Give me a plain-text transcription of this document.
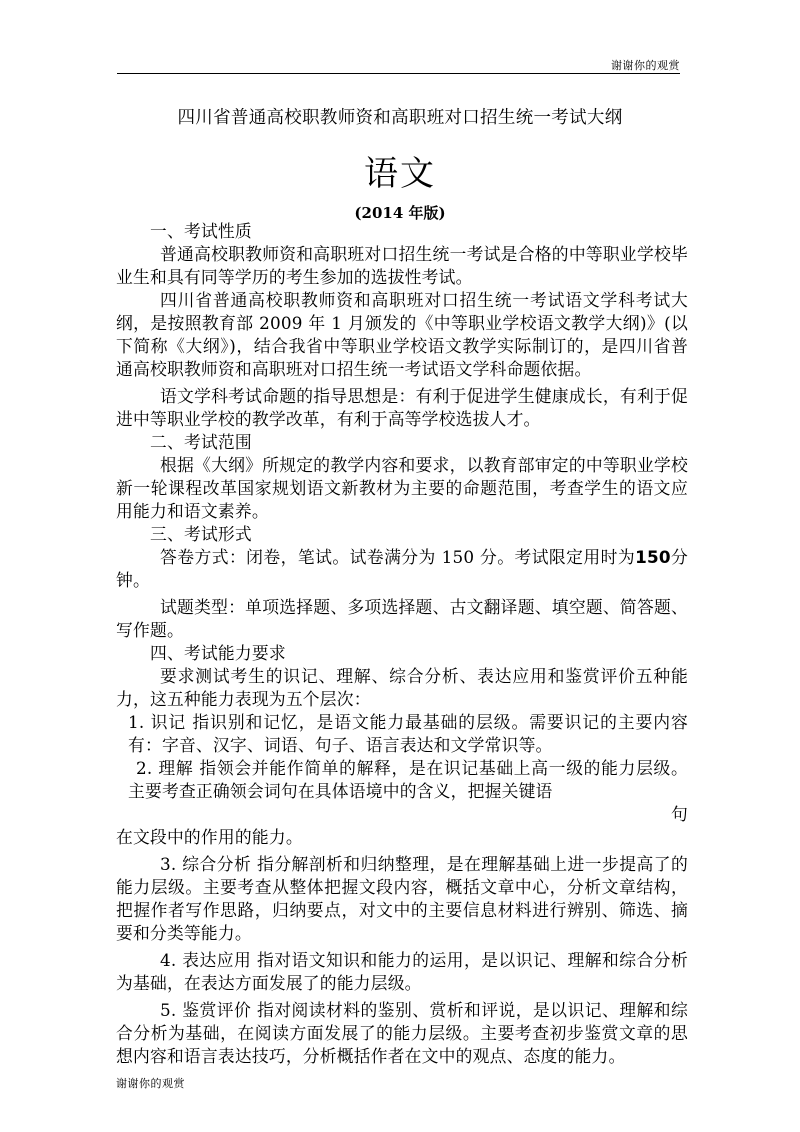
谢谢你的观赏
四川省普通高校职教师资和高职班对口招生统一考试大纲
语文
(2014 年版)

一、考试性质

普通高校职教师资和高职班对口招生统一考试是合格的中等职业学校毕业生和具有同等学历的考生参加的选拔性考试。

四川省普通高校职教师资和高职班对口招生统一考试语文学科考试大纲，是按照教育部 2009 年 1 月颁发的《中等职业学校语文教学大纲)》(以下简称《大纲》)，结合我省中等职业学校语文教学实际制订的，是四川省普通高校职教师资和高职班对口招生统一考试语文学科命题依据。

语文学科考试命题的指导思想是：有利于促进学生健康成长，有利于促进中等职业学校的教学改革，有利于高等学校选拔人才。

二、考试范围

根据《大纲》所规定的教学内容和要求，以教育部审定的中等职业学校新一轮课程改革国家规划语文新教材为主要的命题范围，考查学生的语文应用能力和语文素养。

三、考试形式

答卷方式：闭卷，笔试。试卷满分为 150 分。考试限定用时为150分钟。

试题类型：单项选择题、多项选择题、古文翻译题、填空题、简答题、写作题。

四、考试能力要求

要求测试考生的识记、理解、综合分析、表达应用和鉴赏评价五种能力，这五种能力表现为五个层次：

1. 识记 指识别和记忆，是语文能力最基础的层级。需要识记的主要内容有：字音、汉字、词语、句子、语言表达和文学常识等。

2. 理解 指领会并能作简单的解释，是在识记基础上高一级的能力层级。主要考查正确领会词句在具体语境中的含义，把握关键语
句

在文段中的作用的能力。

3. 综合分析 指分解剖析和归纳整理，是在理解基础上进一步提高了的能力层级。主要考查从整体把握文段内容，概括文章中心，分析文章结构，把握作者写作思路，归纳要点，对文中的主要信息材料进行辨别、筛选、摘要和分类等能力。

4. 表达应用 指对语文知识和能力的运用，是以识记、理解和综合分析为基础，在表达方面发展了的能力层级。

5. 鉴赏评价 指对阅读材料的鉴别、赏析和评说，是以识记、理解和综合分析为基础，在阅读方面发展了的能力层级。主要考查初步鉴赏文章的思想内容和语言表达技巧，分析概括作者在文中的观点、态度的能力。

谢谢你的观赏
